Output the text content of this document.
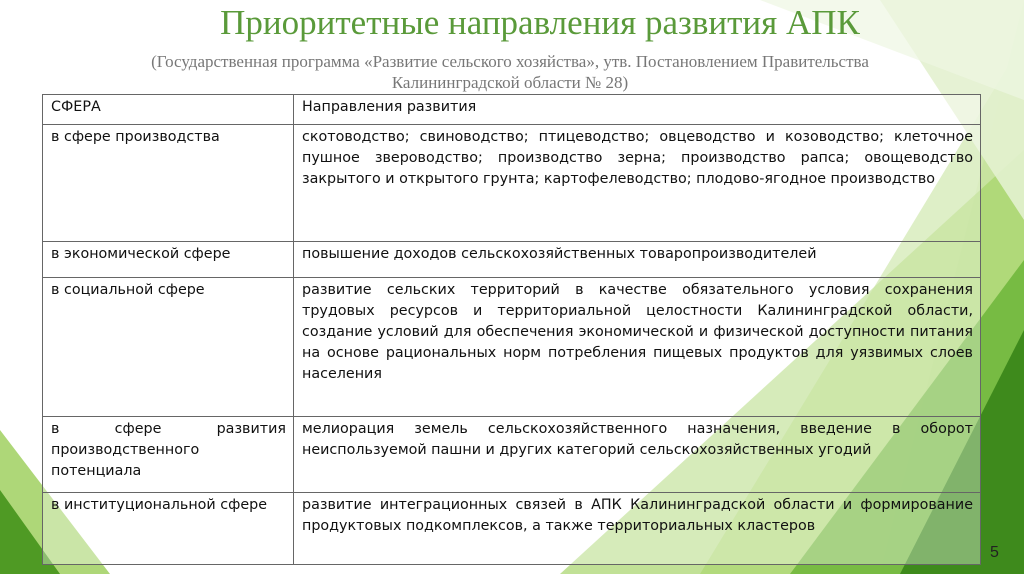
Приоритетные направления развития АПК

(Государственная программа «Развитие сельского хозяйства», утв. Постановлением Правительства Калининградской области № 28)

СФЕРА	Направления развития
в сфере производства	скотоводство; свиноводство; птицеводство; овцеводство и козоводство; клеточное пушное звероводство; производство зерна; производство рапса; овощеводство закрытого и открытого грунта; картофелеводство; плодово-ягодное производство
в экономической сфере	повышение доходов сельскохозяйственных товаропроизводителей
в социальной сфере	развитие сельских территорий в качестве обязательного условия сохранения трудовых ресурсов и территориальной целостности Калининградской области, создание условий для обеспечения экономической и физической доступности питания на основе рациональных норм потребления пищевых продуктов для уязвимых слоев населения
в сфере развития производственного потенциала	мелиорация земель сельскохозяйственного назначения, введение в оборот неиспользуемой пашни и других категорий сельскохозяйственных угодий
в институциональной сфере	развитие интеграционных связей в АПК Калининградской области и формирование продуктовых подкомплексов, а также территориальных кластеров
5
